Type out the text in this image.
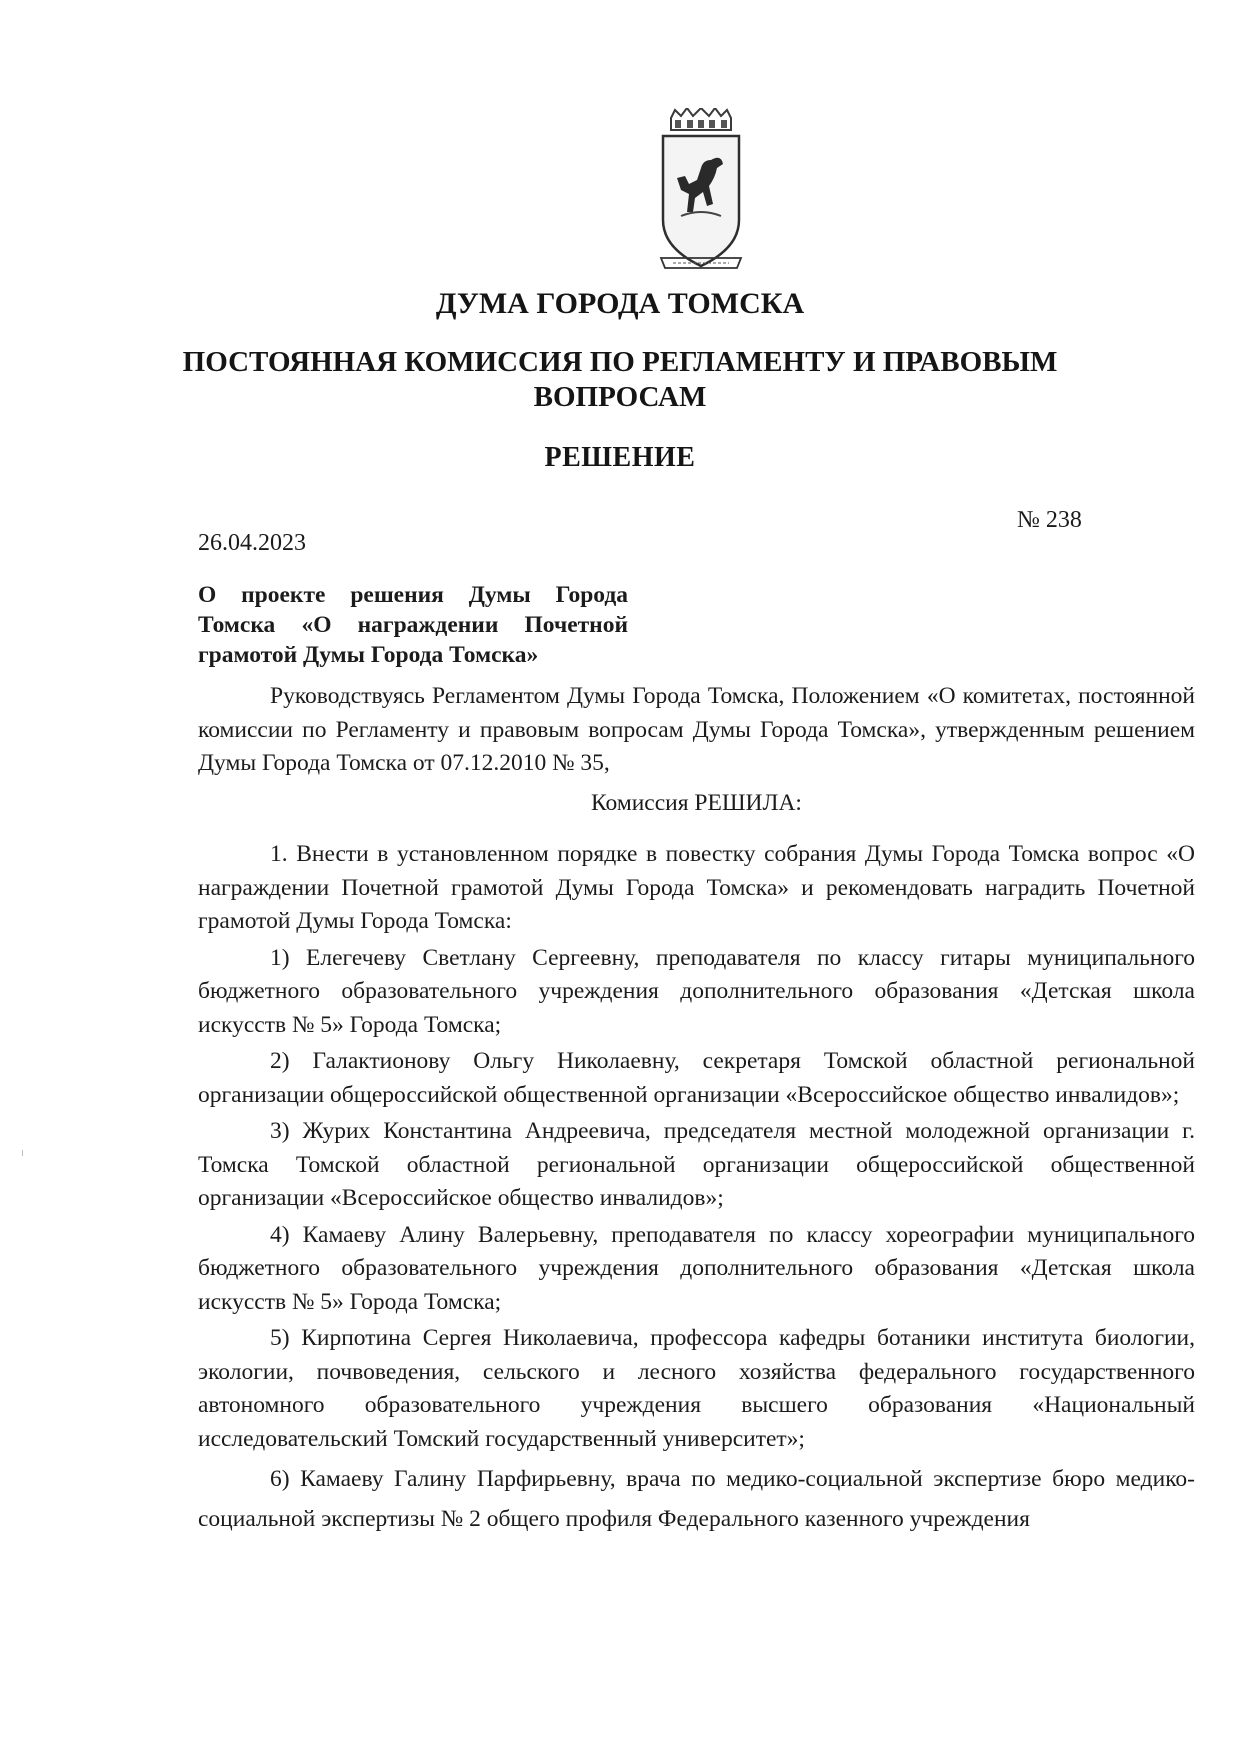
ДУМА ГОРОДА ТОМСКА
ПОСТОЯННАЯ КОМИССИЯ ПО РЕГЛАМЕНТУ И ПРАВОВЫМ
ВОПРОСАМ
РЕШЕНИЕ
26.04.2023
№ 238
О проекте решения Думы Города Томска «О награждении Почетной грамотой Думы Города Томска»

Руководствуясь Регламентом Думы Города Томска, Положением «О комитетах, постоянной комиссии по Регламенту и правовым вопросам Думы Города Томска», утвержденным решением Думы Города Томска от 07.12.2010 № 35,

Комиссия РЕШИЛА:

1. Внести в установленном порядке в повестку собрания Думы Города Томска вопрос «О награждении Почетной грамотой Думы Города Томска» и рекомендовать наградить Почетной грамотой Думы Города Томска:

1) Елегечеву Светлану Сергеевну, преподавателя по классу гитары муниципального бюджетного образовательного учреждения дополнительного образования «Детская школа искусств № 5» Города Томска;

2) Галактионову Ольгу Николаевну, секретаря Томской областной региональной организации общероссийской общественной организации «Всероссийское общество инвалидов»;

3) Журих Константина Андреевича, председателя местной молодежной организации г. Томска Томской областной региональной организации общероссийской общественной организации «Всероссийское общество инвалидов»;

4) Камаеву Алину Валерьевну, преподавателя по классу хореографии муниципального бюджетного образовательного учреждения дополнительного образования «Детская школа искусств № 5» Города Томска;

5) Кирпотина Сергея Николаевича, профессора кафедры ботаники института биологии, экологии, почвоведения, сельского и лесного хозяйства федерального государственного автономного образовательного учреждения высшего образования «Национальный исследовательский Томский государственный университет»;

6) Камаеву Галину Парфирьевну, врача по медико-социальной экспертизе бюро медико-социальной экспертизы № 2 общего профиля Федерального казенного учреждения
